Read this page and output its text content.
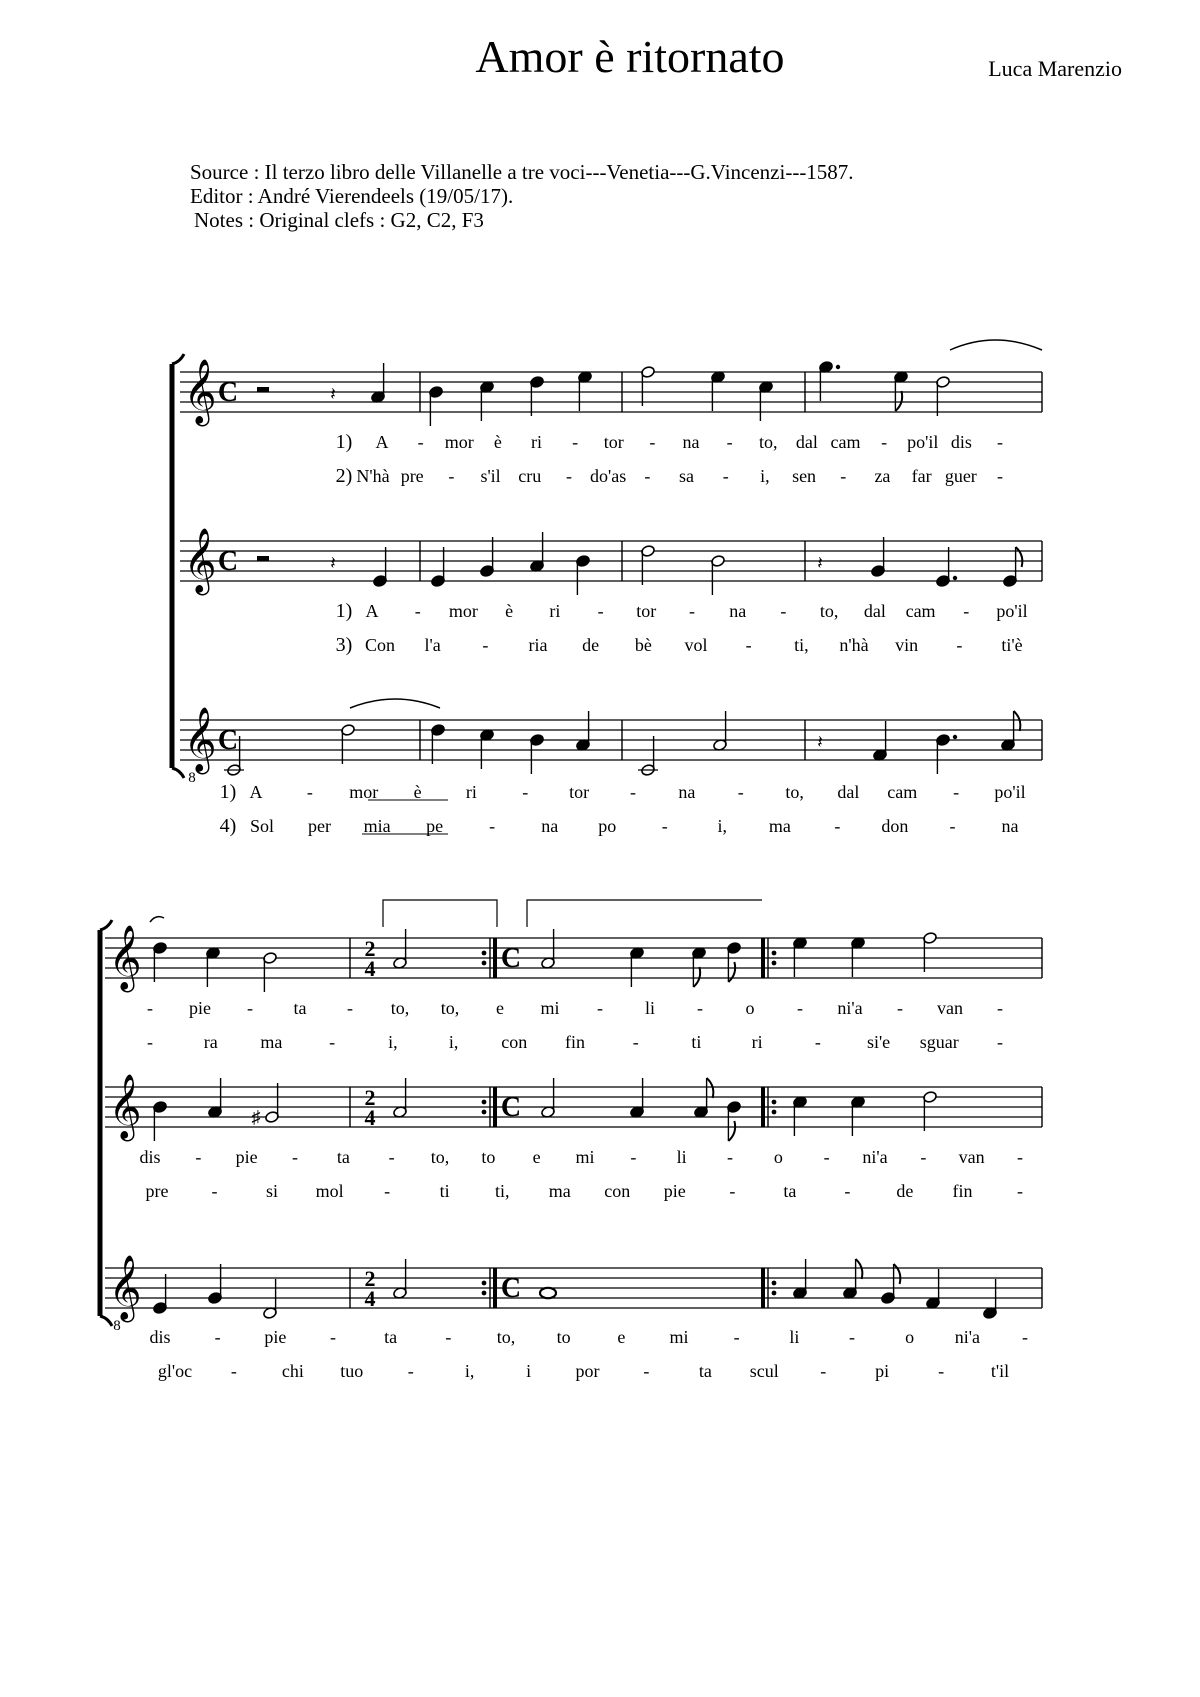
Amor è ritornato	Luca Marenzio
Source : Il terzo libro delle Villanelle a tre voci---Venetia---G.Vincenzi---1587.
Editor : André Vierendeels (19/05/17).
Notes : Original clefs : G2, C2, F3
𝄞 C
𝄞 C
𝄞
8
C
𝄽
𝄽	𝄽
𝄽
1) A - mor è ri - tor - na - to, dal cam - po'il dis -
2) N'hà pre - s'il cru - do'as - sa - i, sen - za far guer -
1) A - mor è ri - tor - na - to, dal cam - po'il
3) Con l'a - ria de bè vol - ti, n'hà vin - ti'è
1) A - mor è ri	- tor - na - to, dal cam - po'il
4) Sol per mia pe	-	na po	-	i, ma - don -	na
𝄞	2
4	C
𝄞	2
4	C
𝄞
8
2
4	C
♯
- pie - ta - to, to, e mi - li - o - ni'a - van -
-	ra ma	-	i,	i, con fin	-	ti	ri	-	si'e sguar -
dis - pie - ta - to, to e mi - li - o - ni'a - van -
pre -	si mol -	ti	ti, ma con pie -	ta	-	de fin -
dis - pie -	ta	-	to, to	e mi	-	li	-	o ni'a -
gl'oc - chi tuo -	i,	i por -	ta scul -	pi	-	t'il
